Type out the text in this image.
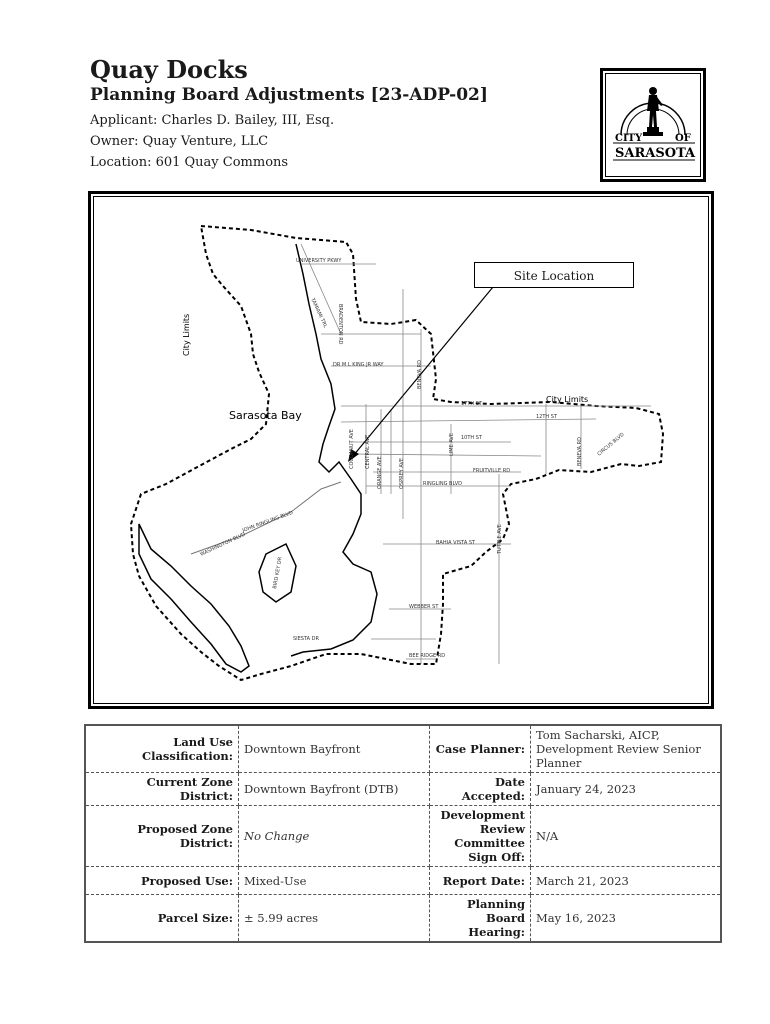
Quay Docks
Planning Board Adjustments [23-ADP-02]
Applicant: Charles D. Bailey, III, Esq.
Owner: Quay Venture, LLC
Location: 601 Quay Commons
CITY	OF
SARASOTA
Sarasota Bay
City Limits
City Limits
UNIVERSITY PKWY
BRADENTON RD
TAMIAMI TRL
DR M L KING JR WAY	BENEVA RD
10TH ST
12TH ST
17TH ST
COCOANUT AVE CENTRAL AVE
ORANGE AVE	OSPREY AVE
LIME AVE
FRUITVILLE RD
RINGLING BLVD
BENEVA RD	CIRCUS BLVD
TUTTLE AVE
BAHIA VISTA ST
WEBBER ST
SIESTA DR
BEE RIDGE RD
JOHN RINGLING BLVD
BIRD KEY DR
WASHINGTON BLVD
Site Location
Land Use Classification:	Downtown Bayfront	Case Planner:	Tom Sacharski, AICP, Development Review Senior Planner
Current Zone District:	Downtown Bayfront (DTB)	Date Accepted:	January 24, 2023
Proposed Zone District:	No Change	Development Review Committee Sign Off:	N/A
Proposed Use:	Mixed-Use	Report Date:	March 21, 2023
Parcel Size:	± 5.99 acres	Planning Board Hearing:	May 16, 2023
